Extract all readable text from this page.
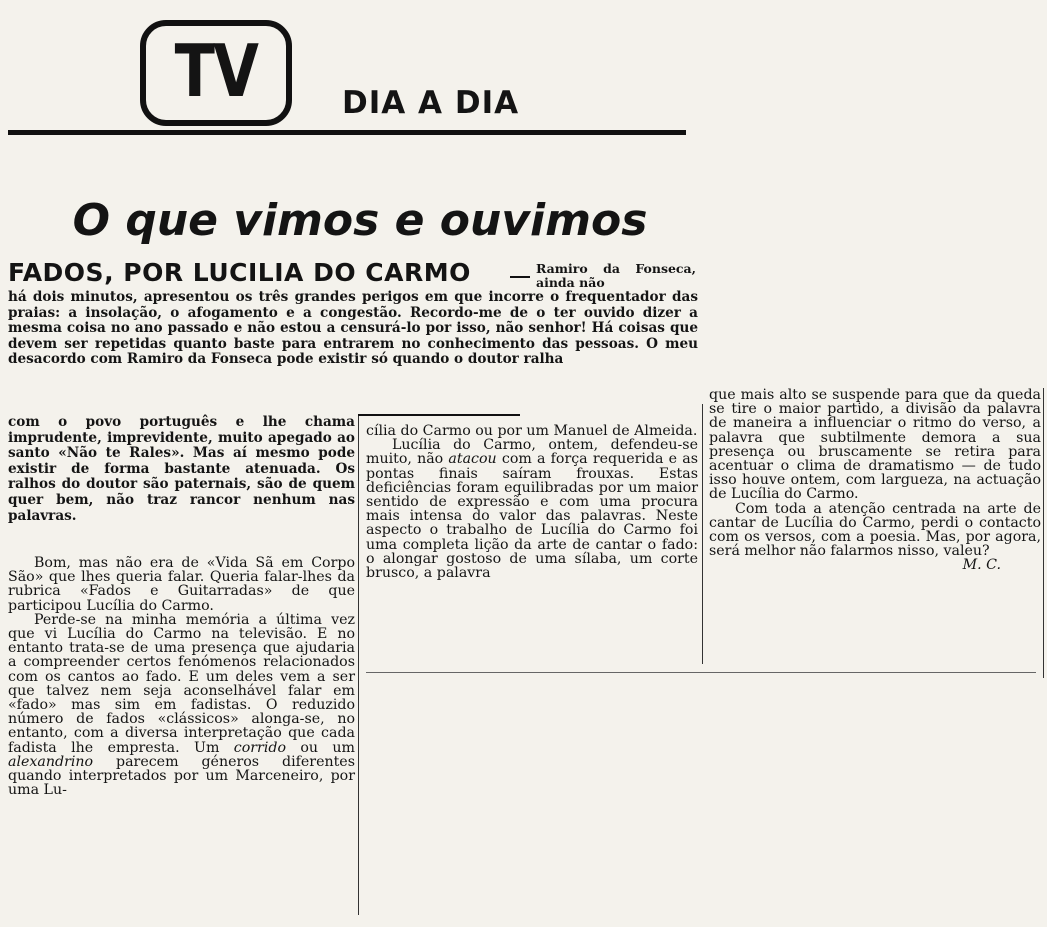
TV	DIA A DIA
O que vimos e ouvimos
FADOS, POR LUCILIA DO CARMO	Ramiro da Fonseca, ainda não
há dois minutos, apresentou os três grandes perigos em que incorre o frequentador das praias: a insolação, o afogamento e a congestão. Recordo-me de o ter ouvido dizer a mesma coisa no ano passado e não estou a censurá-lo por isso, não senhor! Há coisas que devem ser repetidas quanto baste para entrarem no conhecimento das pessoas. O meu desacordo com Ramiro da Fonseca pode existir só quando o doutor ralha
com o povo português e lhe chama imprudente, imprevidente, muito apegado ao santo «Não te Rales». Mas aí mesmo pode existir de forma bastante atenuada. Os ralhos do doutor são paternais, são de quem quer bem, não traz rancor nenhum nas palavras.

Bom, mas não era de «Vida Sã em Corpo São» que lhes queria falar. Queria falar-lhes da rubrica «Fados e Guitarradas» de que participou Lucília do Carmo.

Perde-se na minha memória a última vez que vi Lucília do Carmo na televisão. E no entanto trata-se de uma presença que ajudaria a compreender certos fenómenos relacionados com os cantos ao fado. E um deles vem a ser que talvez nem seja aconselhável falar em «fado» mas sim em fadistas. O reduzido número de fados «clássicos» alonga-se, no entanto, com a diversa interpretação que cada fadista lhe empresta. Um corrido ou um alexandrino parecem géneros diferentes quando interpretados por um Marceneiro, por uma Lu-

cília do Carmo ou por um Manuel de Almeida.

Lucília do Carmo, ontem, defendeu-se muito, não atacou com a força requerida e as pontas finais saíram frouxas. Estas deficiências foram equilibradas por um maior sentido de expressão e com uma procura mais intensa do valor das palavras. Neste aspecto o trabalho de Lucília do Carmo foi uma completa lição da arte de cantar o fado: o alongar gostoso de uma sílaba, um corte brusco, a palavra

que mais alto se suspende para que da queda se tire o maior partido, a divisão da palavra de maneira a influenciar o ritmo do verso, a palavra que subtilmente demora a sua presença ou bruscamente se retira para acentuar o clima de dramatismo — de tudo isso houve ontem, com largueza, na actuação de Lucília do Carmo.

Com toda a atenção centrada na arte de cantar de Lucília do Carmo, perdi o contacto com os versos, com a poesia. Mas, por agora, será melhor não falarmos nisso, valeu?

M. C.
